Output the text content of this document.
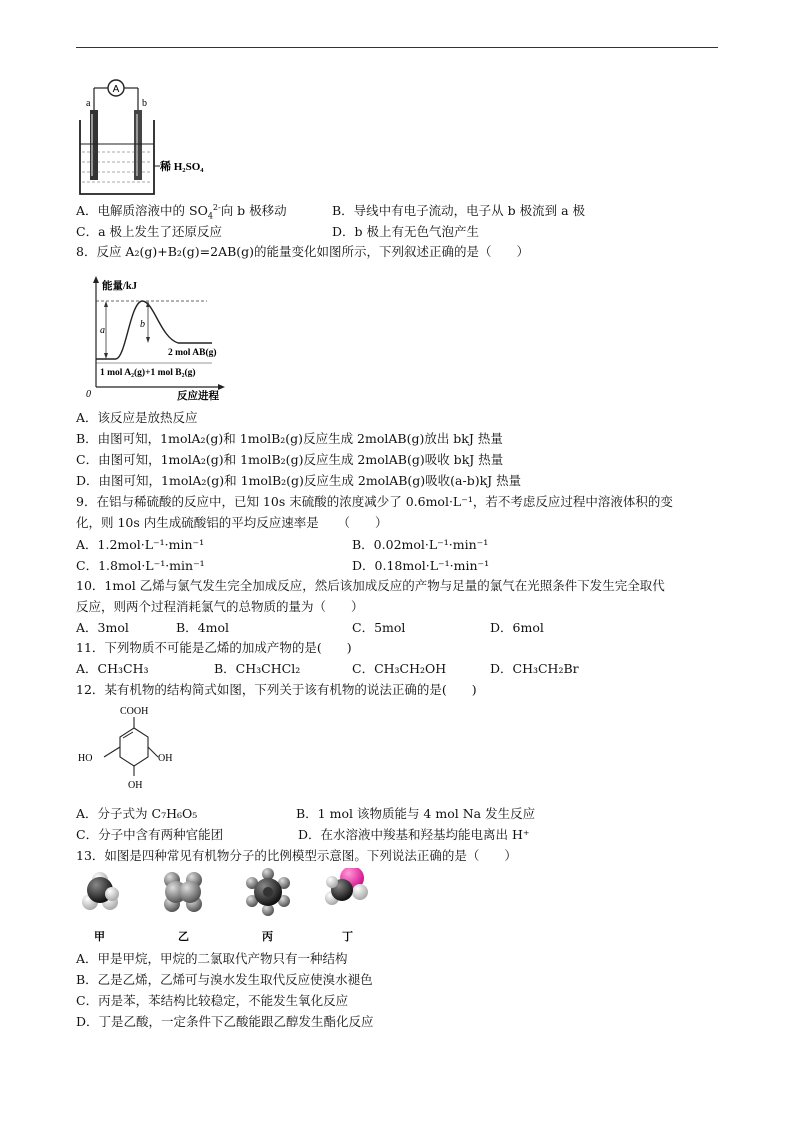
A
a	b
稀 H₂SO₄
A．电解质溶液中的 $SO_4^{2-}$向 b 极移动	B．导线中有电子流动，电子从 b 极流到 a 极
C．a 极上发生了还原反应	D．b 极上有无色气泡产生
8．反应 A₂(g)+B₂(g)=2AB(g)的能量变化如图所示，下列叙述正确的是（　　）
能量/kJ
0	反应进程
a
b
2 mol AB(g)
1 mol A₂(g)+1 mol B₂(g)
A．该反应是放热反应
B．由图可知，1molA₂(g)和 1molB₂(g)反应生成 2molAB(g)放出 bkJ 热量
C．由图可知，1molA₂(g)和 1molB₂(g)反应生成 2molAB(g)吸收 bkJ 热量
D．由图可知，1molA₂(g)和 1molB₂(g)反应生成 2molAB(g)吸收(a-b)kJ 热量
9．在铝与稀硫酸的反应中，已知 10s 末硫酸的浓度减少了 0.6mol·L⁻¹，若不考虑反应过程中溶液体积的变
化，则 10s 内生成硫酸铝的平均反应速率是　　（　　）
A．1.2mol·L⁻¹·min⁻¹	B．0.02mol·L⁻¹·min⁻¹
C．1.8mol·L⁻¹·min⁻¹	D．0.18mol·L⁻¹·min⁻¹
10．1mol 乙烯与氯气发生完全加成反应，然后该加成反应的产物与足量的氯气在光照条件下发生完全取代
反应，则两个过程消耗氯气的总物质的量为（　　）
A．3mol	B．4mol	C．5mol	D．6mol
11．下列物质不可能是乙烯的加成产物的是(　　)
A．CH₃CH₃	B．CH₃CHCl₂	C．CH₃CH₂OH	D．CH₃CH₂Br
12．某有机物的结构简式如图，下列关于该有机物的说法正确的是(　　)
COOH
HO	OH
OH
A．分子式为 C₇H₆O₅	B．1 mol 该物质能与 4 mol Na 发生反应
C．分子中含有两种官能团	D．在水溶液中羧基和羟基均能电离出 H⁺
13．如图是四种常见有机物分子的比例模型示意图。下列说法正确的是（　　）
甲	乙	丙	丁
A．甲是甲烷，甲烷的二氯取代产物只有一种结构
B．乙是乙烯，乙烯可与溴水发生取代反应使溴水褪色
C．丙是苯，苯结构比较稳定，不能发生氧化反应
D．丁是乙酸，一定条件下乙酸能跟乙醇发生酯化反应
